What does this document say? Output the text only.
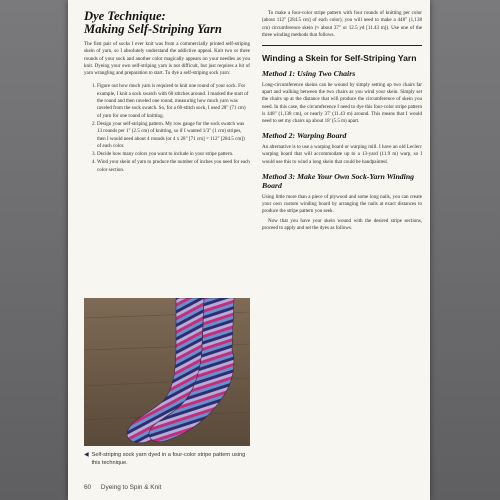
Dye Technique:
Making Self-Striping Yarn

The first pair of socks I ever knit was from a commercially printed self-striping skein of yarn, so I absolutely understand the addictive appeal. Knit two or three rounds of your sock and another color magically appears on your needles as you knit. Dyeing your own self-striping yarn is not difficult, but just requires a bit of yarn wrangling and preparation to start. To dye a self-striping sock yarn:

1. Figure out how much yarn is required to knit one round of your sock. For example, I knit a sock swatch with 60 stitches around. I marked the start of the round and then raveled one round, measuring how much yarn was raveled from the sock swatch. So, for a 60-stitch sock, I used 28" (71 cm) of yarn for one round of knitting.
2. Design your self-striping pattern. My row gauge for the sock swatch was 13 rounds per 1" (2.5 cm) of knitting, so if I wanted 1/3" (1 cm) stripes, then I would need about 4 rounds (or 4 x 28" [71 cm] = 112" [284.5 cm]) of each color.
3. Decide how many colors you want to include in your stripe pattern.
4. Wind your skein of yarn to produce the number of inches you need for each color section.
◀ Self-striping sock yarn dyed in a four-color stripe pattern using this technique.

To make a four-color stripe pattern with four rounds of knitting per color (about 112" [284.5 cm] of each color), you will need to make a 448" (1,138 cm) circumference skein (≈ about 37" or 12.5 yd [11.43 m]). Use one of the three winding methods that follows.

Winding a Skein for Self-Striping Yarn
Method 1: Using Two Chairs

Long-circumference skeins can be wound by simply setting up two chairs far apart and walking between the two chairs as you wind your skein. Simply set the chairs up at the distance that will produce the circumference of skein you need. In this case, the circumference I need to dye this four-color stripe pattern is 448" (1,138 cm), or nearly 37' (11.43 m) around. This means that I would need to set my chairs up about 18' (5.5 m) apart.

Method 2: Warping Board

An alternative is to use a warping board or warping mill. I have an old Leclerc warping board that will accommodate up to a 13-yard (11.9 m) warp, so I would use this to wind a long skein that could be handpainted.

Method 3: Make Your Own Sock-Yarn Winding Board

Using little more than a piece of plywood and some long nails, you can create your own custom winding board by arranging the nails at exact distances to produce the stripe pattern you seek.

Now that you have your skein wound with the desired stripe sections, proceed to apply and set the dyes as follows.

60 Dyeing to Spin & Knit
